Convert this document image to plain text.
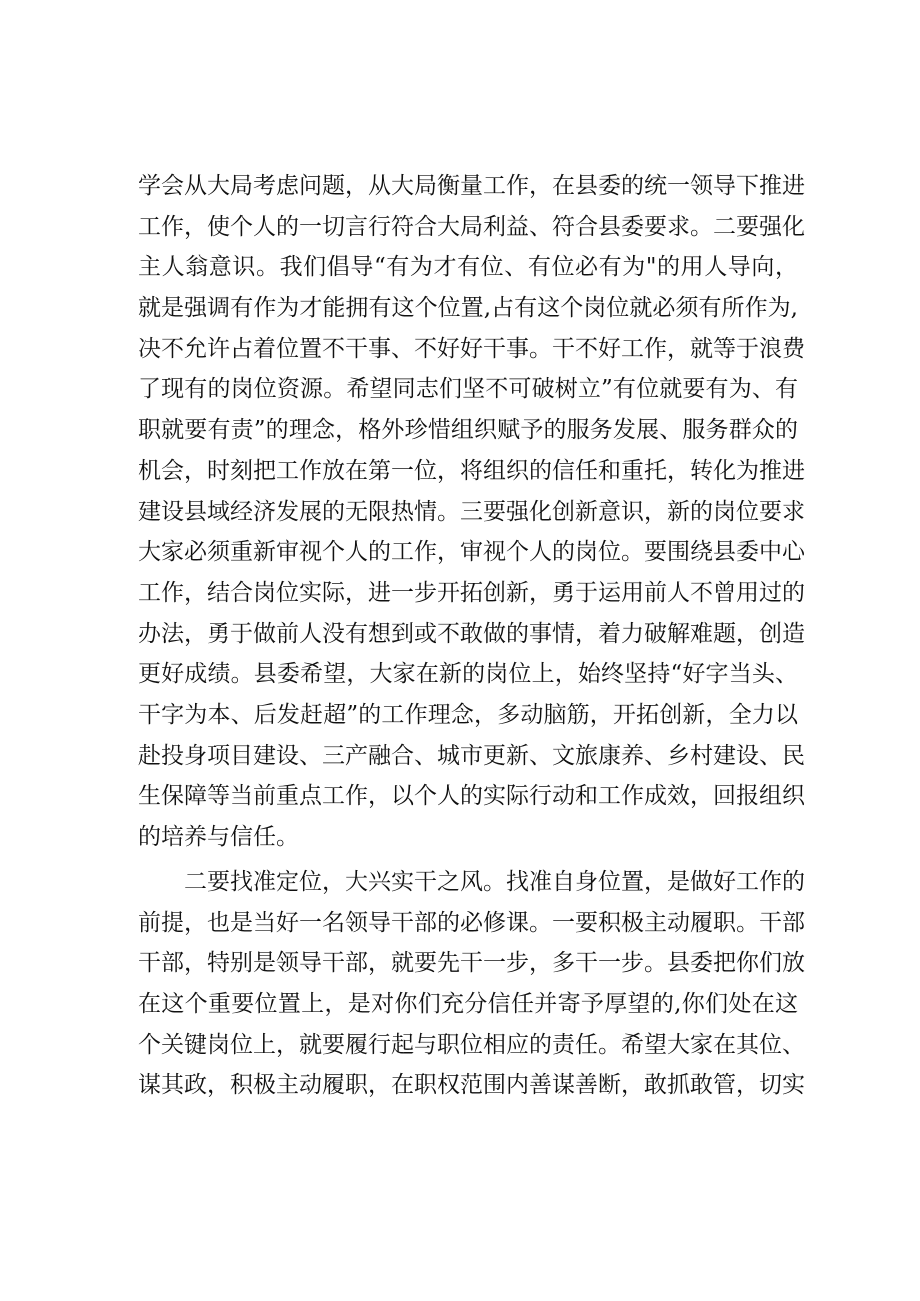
学会从大局考虑问题，从大局衡量工作，在县委的统一领导下推进
工作，使个人的一切言行符合大局利益、符合县委要求。二要强化
主人翁意识。我们倡导“有为才有位、有位必有为"的用人导向，
就是强调有作为才能拥有这个位置,占有这个岗位就必须有所作为,
决不允许占着位置不干事、不好好干事。干不好工作，就等于浪费
了现有的岗位资源。希望同志们坚不可破树立”有位就要有为、有
职就要有责”的理念，格外珍惜组织赋予的服务发展、服务群众的
机会，时刻把工作放在第一位，将组织的信任和重托，转化为推进
建设县域经济发展的无限热情。三要强化创新意识，新的岗位要求
大家必须重新审视个人的工作，审视个人的岗位。要围绕县委中心
工作，结合岗位实际，进一步开拓创新，勇于运用前人不曾用过的
办法，勇于做前人没有想到或不敢做的事情，着力破解难题，创造
更好成绩。县委希望，大家在新的岗位上，始终坚持“好字当头、
干字为本、后发赶超”的工作理念，多动脑筋，开拓创新，全力以
赴投身项目建设、三产融合、城市更新、文旅康养、乡村建设、民
生保障等当前重点工作，以个人的实际行动和工作成效，回报组织
的培养与信任。
二要找准定位，大兴实干之风。找准自身位置，是做好工作的
前提，也是当好一名领导干部的必修课。一要积极主动履职。干部
干部，特别是领导干部，就要先干一步，多干一步。县委把你们放
在这个重要位置上，是对你们充分信任并寄予厚望的,你们处在这
个关键岗位上，就要履行起与职位相应的责任。希望大家在其位、
谋其政，积极主动履职，在职权范围内善谋善断，敢抓敢管，切实
